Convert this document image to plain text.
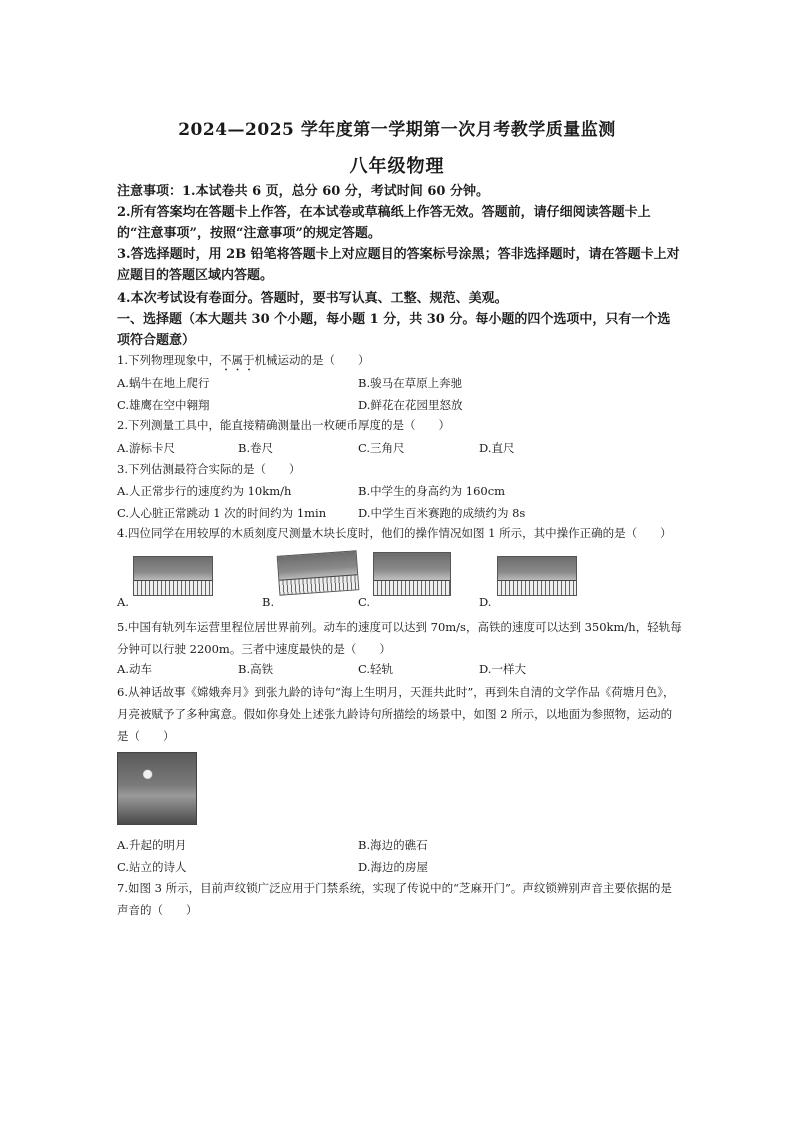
2024—2025 学年度第一学期第一次月考教学质量监测
八年级物理
注意事项：1.本试卷共 6 页，总分 60 分，考试时间 60 分钟。
2.所有答案均在答题卡上作答，在本试卷或草稿纸上作答无效。答题前，请仔细阅读答题卡上的“注意事项”，按照“注意事项”的规定答题。
3.答选择题时，用 2B 铅笔将答题卡上对应题目的答案标号涂黑；答非选择题时，请在答题卡上对应题目的答题区域内答题。
4.本次考试设有卷面分。答题时，要书写认真、工整、规范、美观。
一、选择题（本大题共 30 个小题，每小题 1 分，共 30 分。每小题的四个选项中，只有一个选项符合题意）
1.下列物理现象中，不属于机械运动的是（　　）
A.蜗牛在地上爬行	B.骏马在草原上奔驰
C.雄鹰在空中翱翔	D.鲜花在花园里怒放
2.下列测量工具中，能直接精确测量出一枚硬币厚度的是（　　）
A.游标卡尺	B.卷尺	C.三角尺	D.直尺
3.下列估测最符合实际的是（　　）
A.人正常步行的速度约为 10km/h	B.中学生的身高约为 160cm
C.人心脏正常跳动 1 次的时间约为 1min	D.中学生百米赛跑的成绩约为 8s
4.四位同学在用较厚的木质刻度尺测量木块长度时，他们的操作情况如图 1 所示，其中操作正确的是（　　）
A.	B.	C.	D.
5.中国有轨列车运营里程位居世界前列。动车的速度可以达到 70m/s，高铁的速度可以达到 350km/h，轻轨每分钟可以行驶 2200m。三者中速度最快的是（　　）
A.动车	B.高铁	C.轻轨	D.一样大
6.从神话故事《嫦娥奔月》到张九龄的诗句“海上生明月，天涯共此时”，再到朱自清的文学作品《荷塘月色》，月亮被赋予了多种寓意。假如你身处上述张九龄诗句所描绘的场景中，如图 2 所示，以地面为参照物，运动的是（　　）
A.升起的明月	B.海边的礁石
C.站立的诗人	D.海边的房屋
7.如图 3 所示，目前声纹锁广泛应用于门禁系统，实现了传说中的“芝麻开门”。声纹锁辨别声音主要依据的是声音的（　　）
